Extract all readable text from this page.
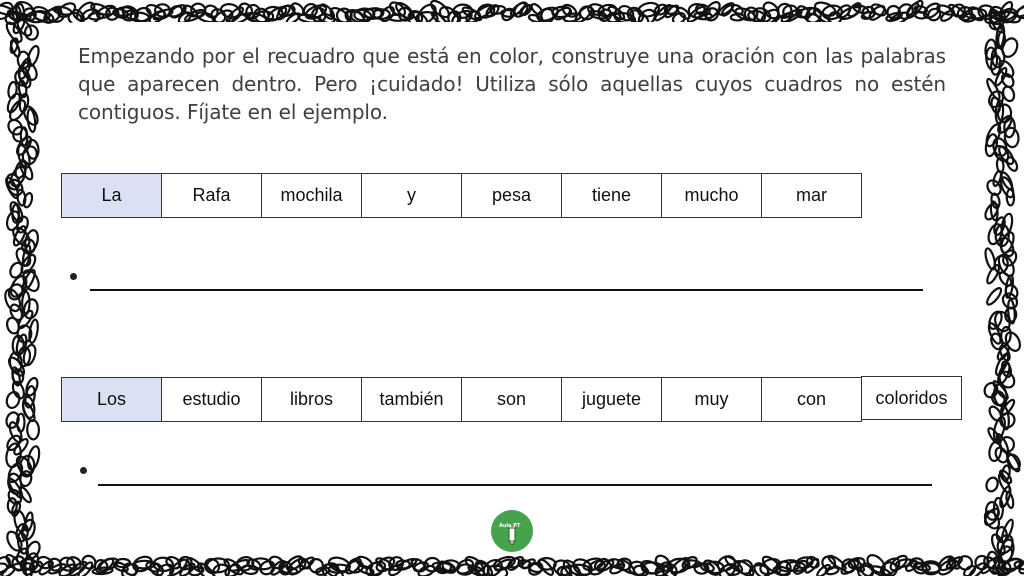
Empezando por el recuadro que está en color, construye una oración con las palabras que aparecen dentro. Pero ¡cuidado! Utiliza sólo aquellas cuyos cuadros no estén contiguos. Fíjate en el ejemplo.

La	Rafa	mochila	y	pesa	tiene	mucho	mar
Los	estudio	libros	también	son	juguete	muy	con	coloridos
Aula PT
